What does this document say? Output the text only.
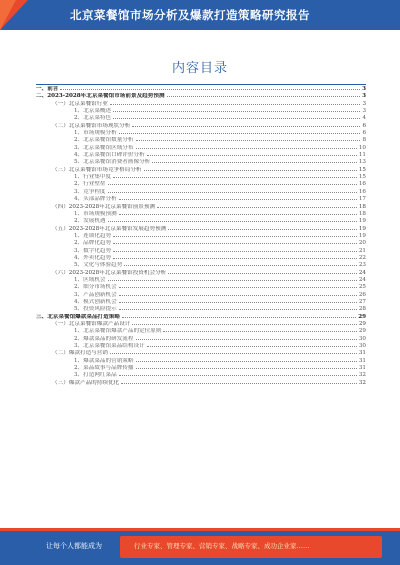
北京菜餐馆市场分析及爆款打造策略研究报告
内容目录
一、前言	3
二、2023-2028年北京菜餐馆市场前景及趋势预测	3
（一）北京菜餐馆行业	3
1、北京菜概述	3
2、北京菜特色	4
（二）北京菜餐馆市场现状分析	6
1、市场规模分析	6
2、北京菜餐馆数量分析	8
3、北京菜餐馆区域分布	10
4、北京菜餐馆口碑评价分析	11
5、北京菜餐馆消费者画像分析	13
（三）北京菜餐馆市场竞争格局分析	15
1、行业集中度	15
2、行业壁垒	16
3、竞争程度	16
4、头部品牌分析	17
（四）2023-2028年北京菜餐馆前景预测	18
1、市场规模预测	18
2、发展机遇	19
（五）2023-2028年北京菜餐馆发展趋势预测	19
1、连锁化趋势	19
2、品牌化趋势	20
3、数字化趋势	21
4、外卖化趋势	22
5、文化与体验趋势	23
（六）2023-2028年北京菜餐馆投资机会分析	24
1、区域机会	24
2、细分市场机会	25
3、产品创新机会	26
4、模式创新机会	27
5、投资风险提示	28
三、北京菜餐馆爆款菜品打造策略	29
（一）北京菜餐馆爆款产品设计	29
1、北京菜餐馆爆款产品的定位原则	29
2、爆款菜品的研发流程	30
3、北京菜餐馆菜品结构设计	30
（二）爆款打造与营销	31
1、爆款菜品的营销策略	31
2、菜品故事与品牌传播	31
3、打造网红菜品	32
（三）爆款产品的持续优化	32
让每个人都能成为	行业专家、管理专家、营销专家、战略专家、成功企业家……
